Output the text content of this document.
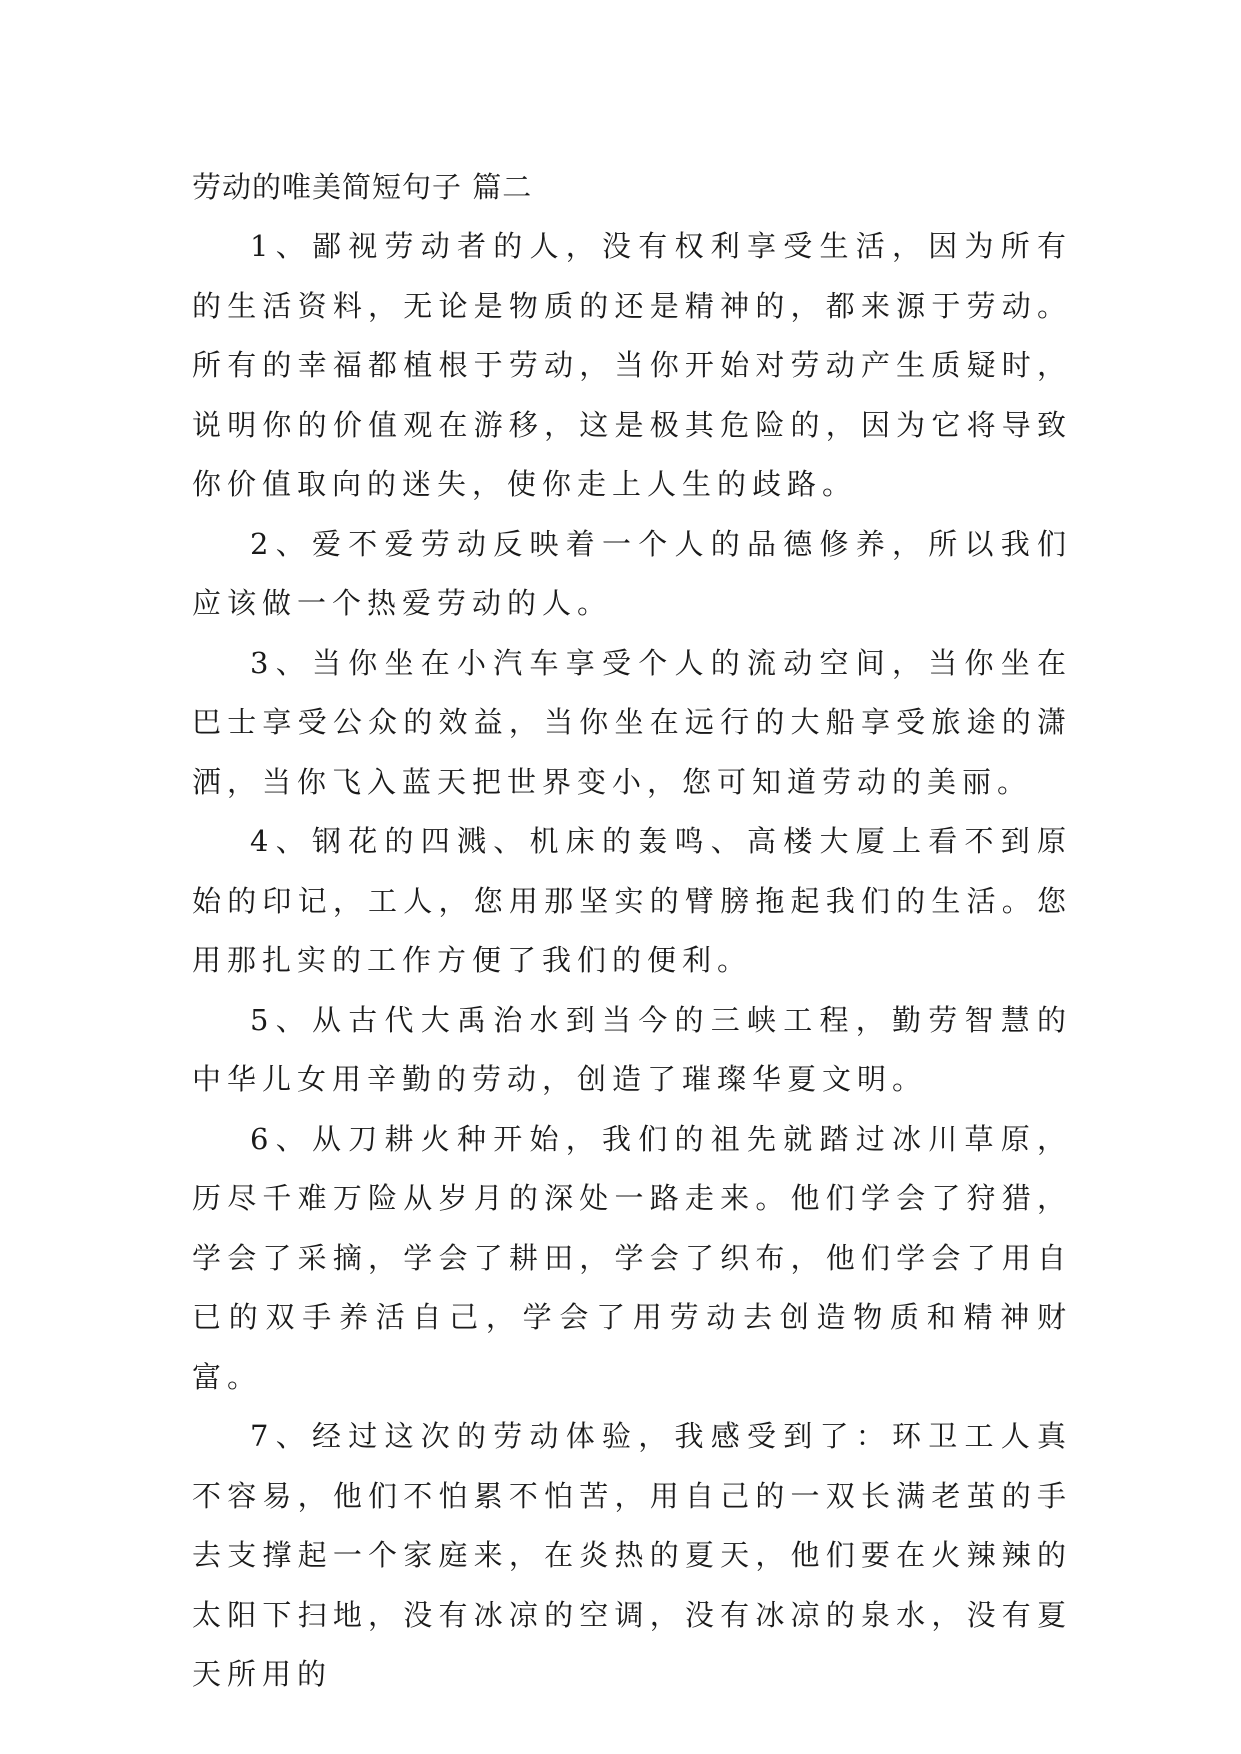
劳动的唯美简短句子 篇二

1、鄙视劳动者的人，没有权利享受生活，因为所有的生活资料，无论是物质的还是精神的，都来源于劳动。所有的幸福都植根于劳动，当你开始对劳动产生质疑时，说明你的价值观在游移，这是极其危险的，因为它将导致你价值取向的迷失，使你走上人生的歧路。

2、爱不爱劳动反映着一个人的品德修养，所以我们应该做一个热爱劳动的人。

3、当你坐在小汽车享受个人的流动空间，当你坐在巴士享受公众的效益，当你坐在远行的大船享受旅途的潇洒，当你飞入蓝天把世界变小，您可知道劳动的美丽。

4、钢花的四溅、机床的轰鸣、高楼大厦上看不到原始的印记，工人，您用那坚实的臂膀拖起我们的生活。您用那扎实的工作方便了我们的便利。

5、从古代大禹治水到当今的三峡工程，勤劳智慧的中华儿女用辛勤的劳动，创造了璀璨华夏文明。

6、从刀耕火种开始，我们的祖先就踏过冰川草原，历尽千难万险从岁月的深处一路走来。他们学会了狩猎，学会了采摘，学会了耕田，学会了织布，他们学会了用自已的双手养活自己，学会了用劳动去创造物质和精神财富。

7、经过这次的劳动体验，我感受到了：环卫工人真不容易，他们不怕累不怕苦，用自己的一双长满老茧的手去支撑起一个家庭来，在炎热的夏天，他们要在火辣辣的太阳下扫地，没有冰凉的空调，没有冰凉的泉水，没有夏天所用的
